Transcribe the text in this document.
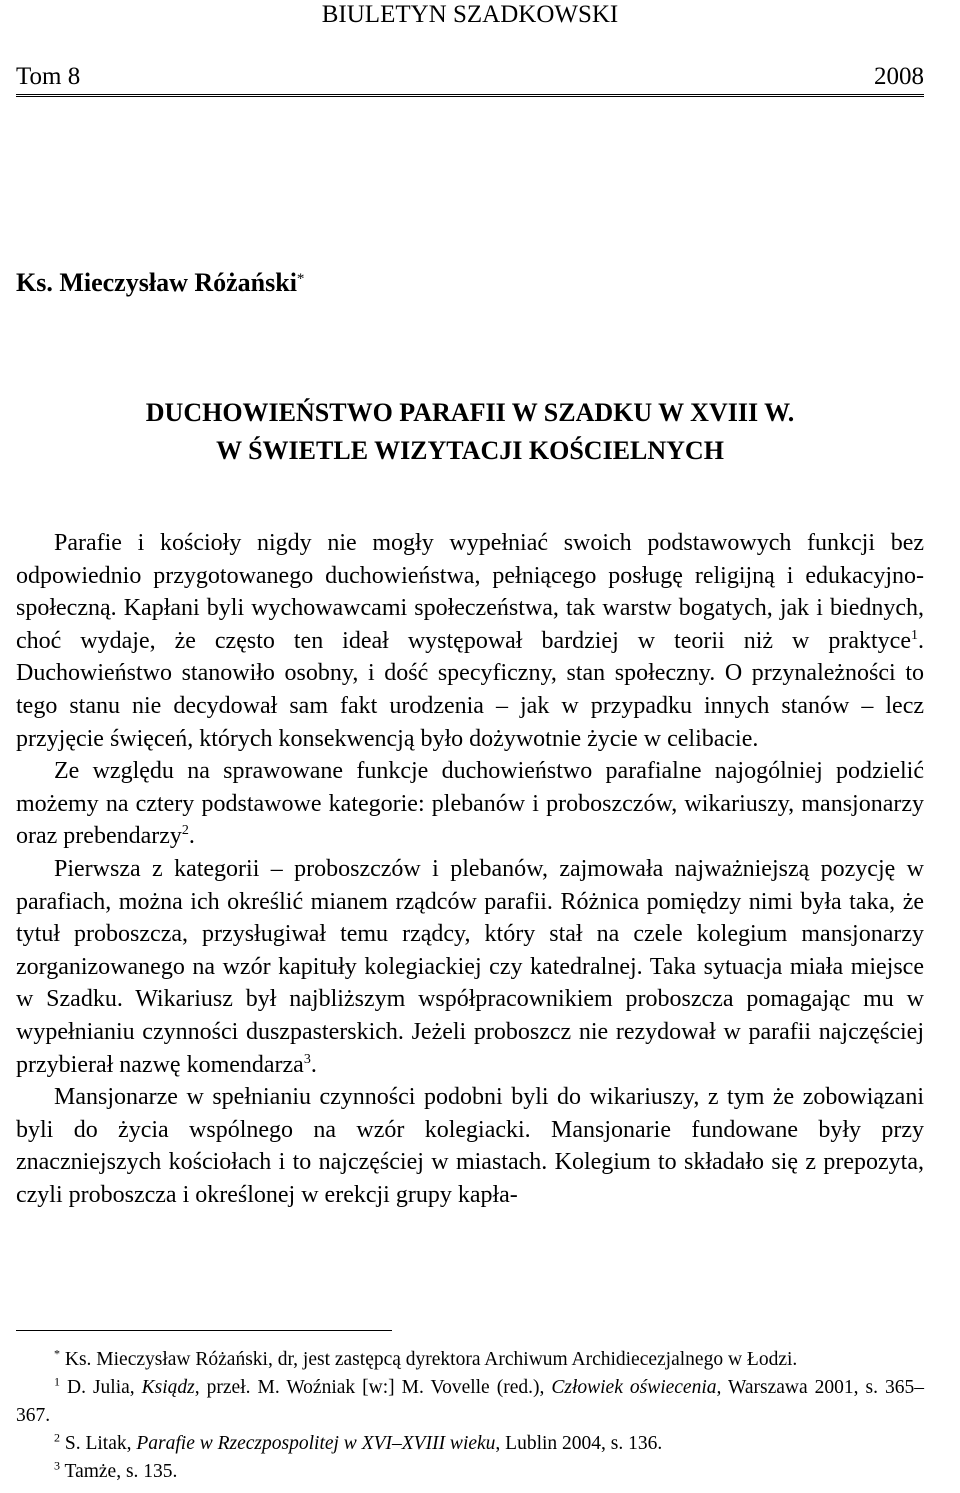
BIULETYN SZADKOWSKI
Tom 8	2008
Ks. Mieczysław Różański*
DUCHOWIEŃSTWO PARAFII W SZADKU W XVIII W.
W ŚWIETLE WIZYTACJI KOŚCIELNYCH

Parafie i kościoły nigdy nie mogły wypełniać swoich podstawowych funkcji bez odpowiednio przygotowanego duchowieństwa, pełniącego posługę religijną i edukacyjno-społeczną. Kapłani byli wychowawcami społeczeństwa, tak warstw bogatych, jak i biednych, choć wydaje, że często ten ideał występował bardziej w teorii niż w praktyce$^1$. Duchowieństwo stanowiło osobny, i dość specyficzny, stan społeczny. O przynależności to tego stanu nie decydował sam fakt urodzenia – jak w przypadku innych stanów – lecz przyjęcie święceń, których konsekwencją było dożywotnie życie w celibacie.

Ze względu na sprawowane funkcje duchowieństwo parafialne najogólniej podzielić możemy na cztery podstawowe kategorie: plebanów i proboszczów, wikariuszy, mansjonarzy oraz prebendarzy$^2$.

Pierwsza z kategorii – proboszczów i plebanów, zajmowała najważniejszą pozycję w parafiach, można ich określić mianem rządców parafii. Różnica pomiędzy nimi była taka, że tytuł proboszcza, przysługiwał temu rządcy, który stał na czele kolegium mansjonarzy zorganizowanego na wzór kapituły kolegiackiej czy katedralnej. Taka sytuacja miała miejsce w Szadku. Wikariusz był najbliższym współpracownikiem proboszcza pomagając mu w wypełnianiu czynności duszpasterskich. Jeżeli proboszcz nie rezydował w parafii najczęściej przybierał nazwę komendarza$^3$.

Mansjonarze w spełnianiu czynności podobni byli do wikariuszy, z tym że zobowiązani byli do życia wspólnego na wzór kolegiacki. Mansjonarie fundowane były przy znaczniejszych kościołach i to najczęściej w miastach. Kolegium to składało się z prepozyta, czyli proboszcza i określonej w erekcji grupy kapła-

* Ks. Mieczysław Różański, dr, jest zastępcą dyrektora Archiwum Archidiecezjalnego w Łodzi.

$^1$ D. Julia, Ksiądz, przeł. M. Woźniak [w:] M. Vovelle (red.), Człowiek oświecenia, Warszawa 2001, s. 365–367.

$^2$ S. Litak, Parafie w Rzeczpospolitej w XVI–XVIII wieku, Lublin 2004, s. 136.

$^3$ Tamże, s. 135.
